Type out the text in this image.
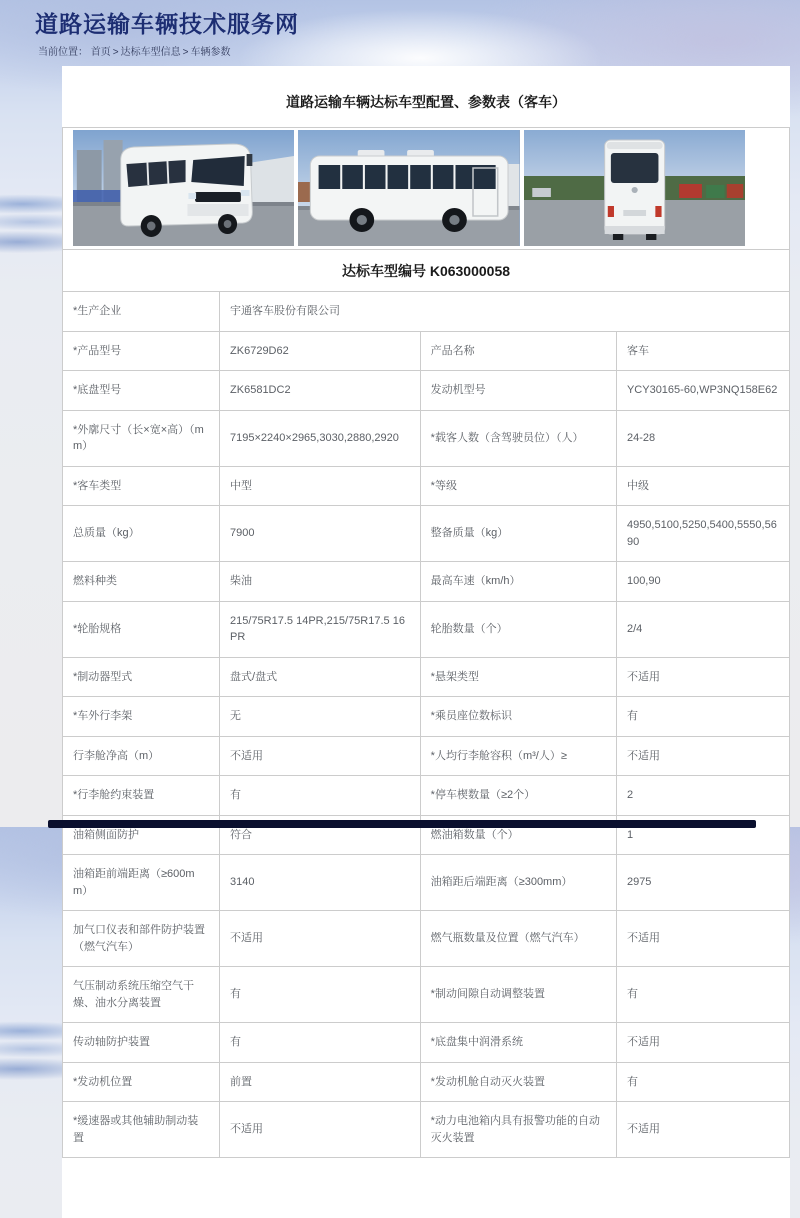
道路运输车辆技术服务网
当前位置： 首页 > 达标车型信息 > 车辆参数
道路运输车辆达标车型配置、参数表（客车）
达标车型编号 K063000058
*生产企业	宇通客车股份有限公司		
*产品型号	ZK6729D62	产品名称	客车
*底盘型号	ZK6581DC2	发动机型号	YCY30165-60,WP3NQ158E62
*外廓尺寸（长×宽×高）（mm）	7195×2240×2965,3030,2880,2920	*载客人数（含驾驶员位）（人）	24-28
*客车类型	中型	*等级	中级
总质量（kg）	7900	整备质量（kg）	4950,5100,5250,5400,5550,5690
燃料种类	柴油	最高车速（km/h）	100,90
*轮胎规格	215/75R17.5 14PR,215/75R17.5 16PR	轮胎数量（个）	2/4
*制动器型式	盘式/盘式	*悬架类型	不适用
*车外行李架	无	*乘员座位数标识	有
行李舱净高（m）	不适用	*人均行李舱容积（m³/人）≥	不适用
*行李舱约束装置	有	*停车楔数量（≥2个）	2
油箱侧面防护	符合	燃油箱数量（个）	1
油箱距前端距离（≥600mm）	3140	油箱距后端距离（≥300mm）	2975
加气口仪表和部件防护装置（燃气汽车）	不适用	燃气瓶数量及位置（燃气汽车）	不适用
气压制动系统压缩空气干燥、油水分离装置	有	*制动间隙自动调整装置	有
传动轴防护装置	有	*底盘集中润滑系统	不适用
*发动机位置	前置	*发动机舱自动灭火装置	有
*缓速器或其他辅助制动装置	不适用	*动力电池箱内具有报警功能的自动灭火装置	不适用
